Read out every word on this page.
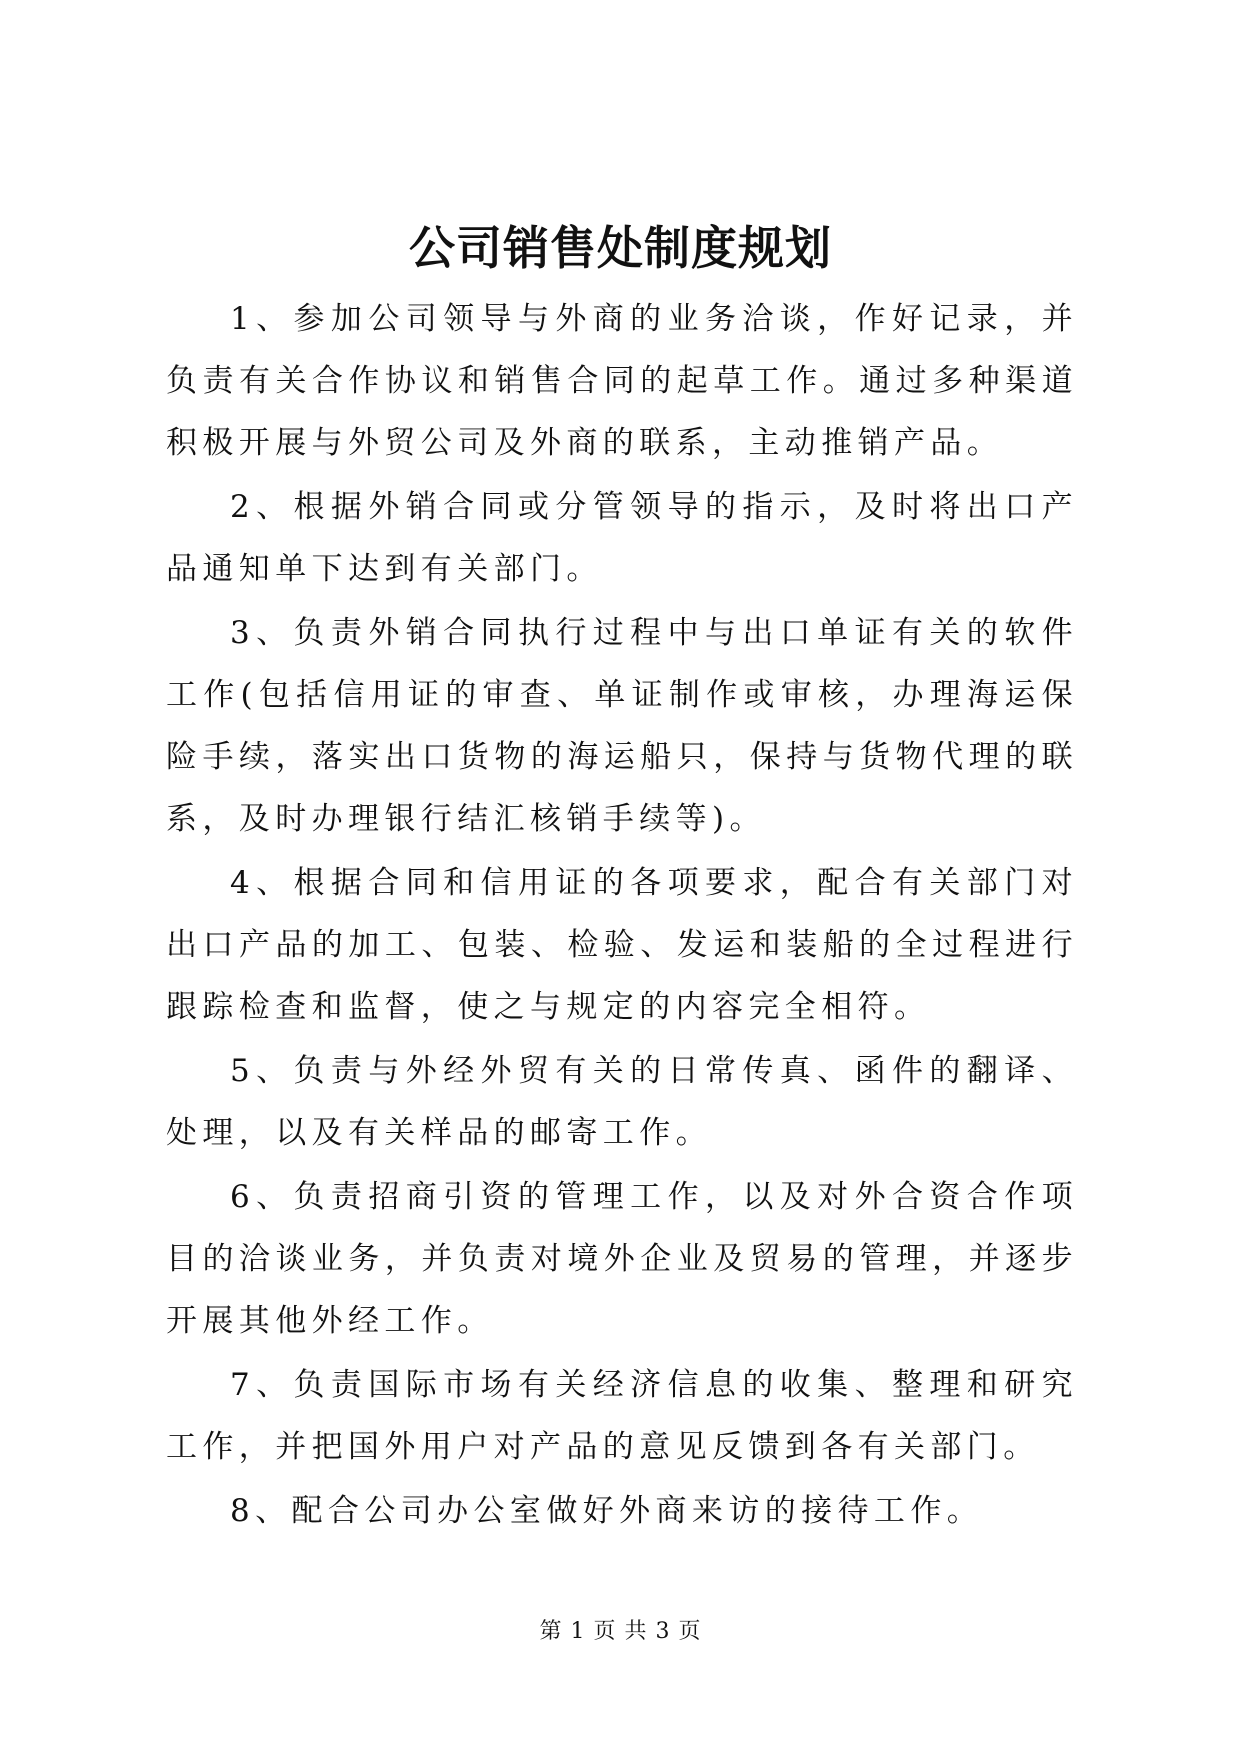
公司销售处制度规划

1、参加公司领导与外商的业务洽谈，作好记录，并负责有关合作协议和销售合同的起草工作。通过多种渠道积极开展与外贸公司及外商的联系，主动推销产品。

2、根据外销合同或分管领导的指示，及时将出口产品通知单下达到有关部门。

3、负责外销合同执行过程中与出口单证有关的软件工作(包括信用证的审查、单证制作或审核，办理海运保险手续，落实出口货物的海运船只，保持与货物代理的联系，及时办理银行结汇核销手续等)。

4、根据合同和信用证的各项要求，配合有关部门对出口产品的加工、包装、检验、发运和装船的全过程进行跟踪检查和监督，使之与规定的内容完全相符。

5、负责与外经外贸有关的日常传真、函件的翻译、处理，以及有关样品的邮寄工作。

6、负责招商引资的管理工作，以及对外合资合作项目的洽谈业务，并负责对境外企业及贸易的管理，并逐步开展其他外经工作。

7、负责国际市场有关经济信息的收集、整理和研究工作，并把国外用户对产品的意见反馈到各有关部门。

8、配合公司办公室做好外商来访的接待工作。

第 1 页 共 3 页
